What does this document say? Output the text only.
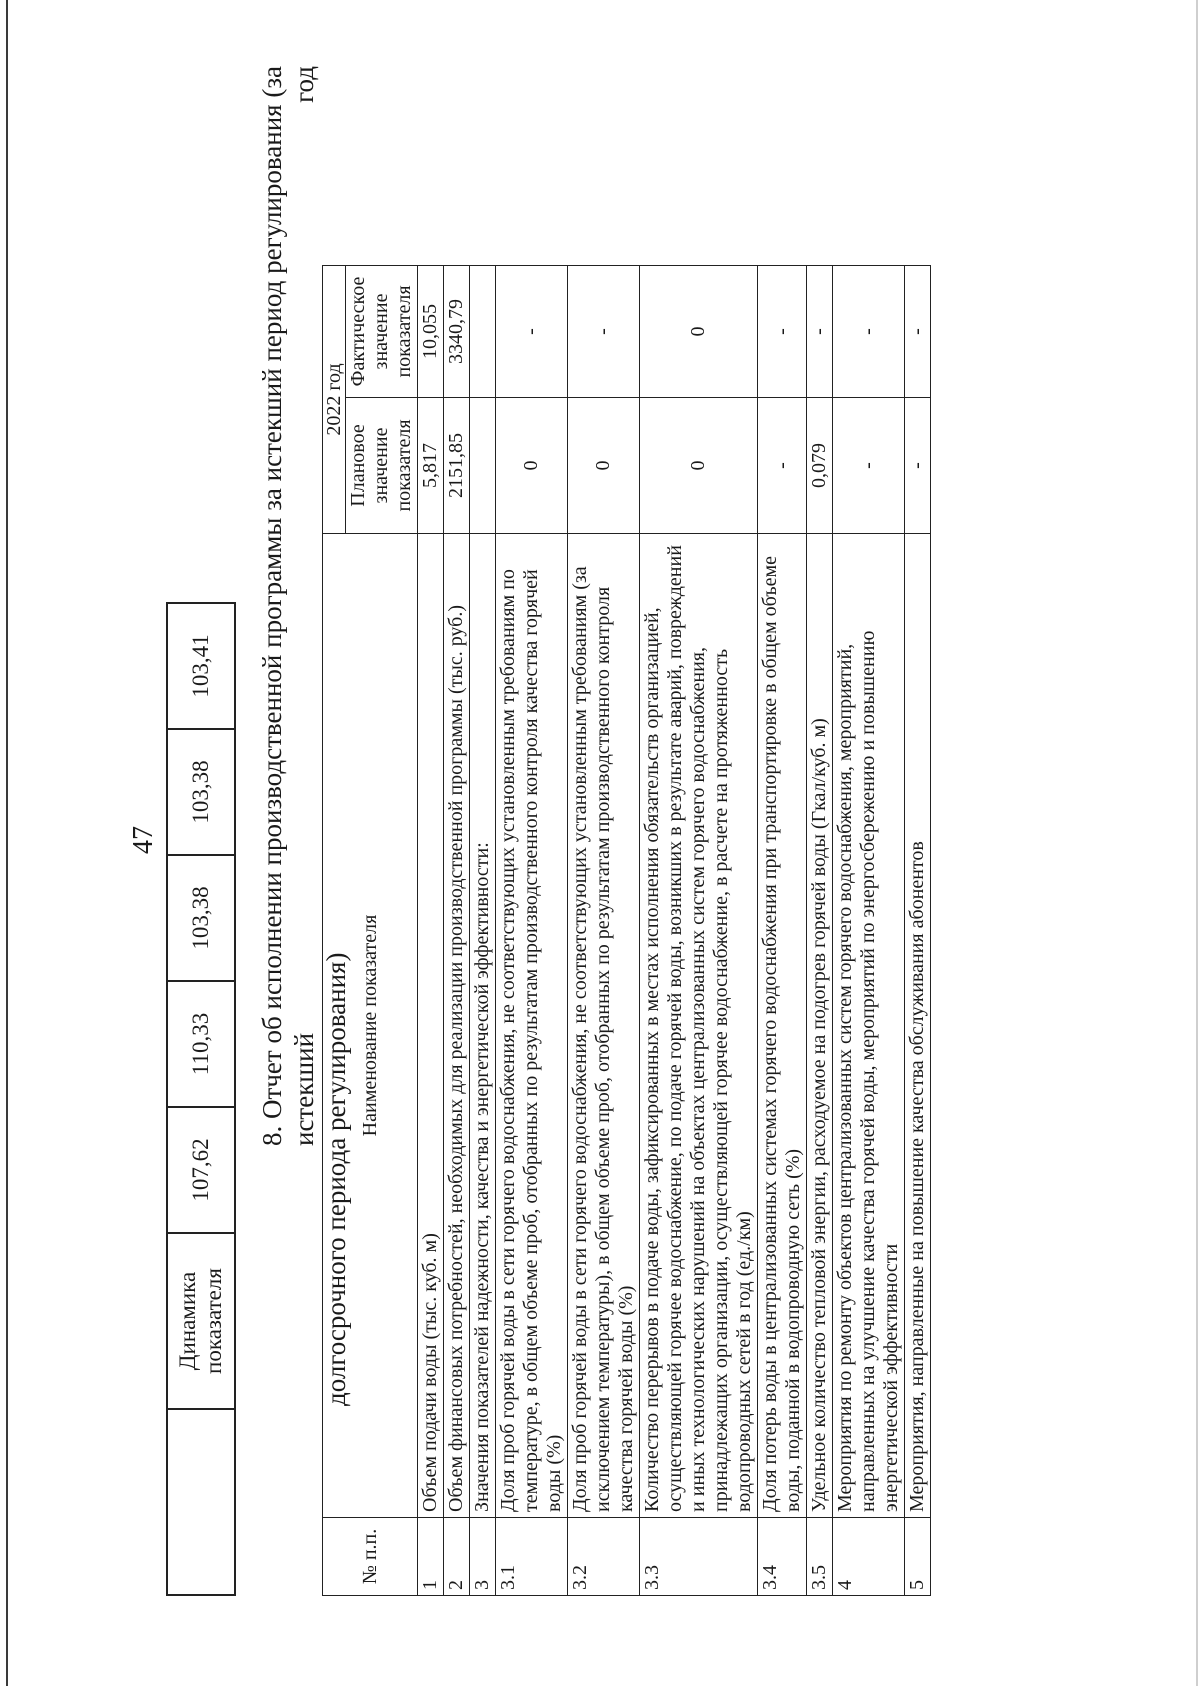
47
	Динамика показателя	107,62	110,33	103,38	103,38	103,41 8. Отчет об исполнении производственной программы за истекший период регулирования (за истекший год
долгосрочного периода регулирования)
№ п.п.	Наименование показателя	2022 год	
		Плановое значение показателя	Фактическое значение показателя
1	Объем подачи воды (тыс. куб. м)	5,817	10,055
2	Объем финансовых потребностей, необходимых для реализации производственной программы (тыс. руб.)	2151,85	3340,79
3	Значения показателей надежности, качества и энергетической эффективности:		
3.1	Доля проб горячей воды в сети горячего водоснабжения, не соответствующих установленным требованиям по температуре, в общем объеме проб, отобранных по результатам производственного контроля качества горячей воды (%)	0	-
3.2	Доля проб горячей воды в сети горячего водоснабжения, не соответствующих установленным требованиям (за исключением температуры), в общем объеме проб, отобранных по результатам производственного контроля качества горячей воды (%)	0	-
3.3	Количество перерывов в подаче воды, зафиксированных в местах исполнения обязательств организацией, осуществляющей горячее водоснабжение, по подаче горячей воды, возникших в результате аварий, повреждений и иных технологических нарушений на объектах централизованных систем горячего водоснабжения, принадлежащих организации, осуществляющей горячее водоснабжение, в расчете на протяженность водопроводных сетей в год (ед./км)	0	0
3.4	Доля потерь воды в централизованных системах горячего водоснабжения при транспортировке в общем объеме воды, поданной в водопроводную сеть (%)	-	-
3.5	Удельное количество тепловой энергии, расходуемое на подогрев горячей воды (Гкал/куб. м)	0,079	-
4	Мероприятия по ремонту объектов централизованных систем горячего водоснабжения, мероприятий, направленных на улучшение качества горячей воды, мероприятий по энергосбережению и повышению энергетической эффективности	-	-
5	Мероприятия, направленные на повышение качества обслуживания абонентов	-	-
